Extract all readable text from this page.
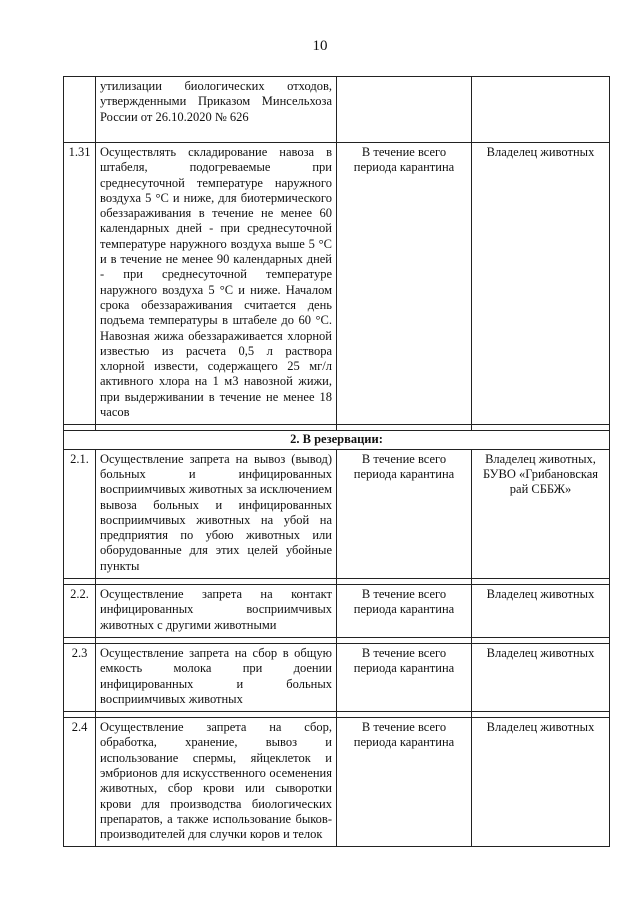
10
	утилизации биологических отходов, утвержденными Приказом Минсельхоза России от 26.10.2020 № 626		
1.31	Осуществлять складирование навоза в штабеля, подогреваемые при среднесуточной температуре наружного воздуха 5 °С и ниже, для биотермического обеззараживания в течение не менее 60 календарных дней - при среднесуточной температуре наружного воздуха выше 5 °С и в течение не менее 90 календарных дней - при среднесуточной температуре наружного воздуха 5 °С и ниже. Началом срока обеззараживания считается день подъема температуры в штабеле до 60 °С. Навозная жижа обеззараживается хлорной известью из расчета 0,5 л раствора хлорной извести, содержащего 25 мг/л активного хлора на 1 м3 навозной жижи, при выдерживании в течение не менее 18 часов	В течение всего периода карантина	Владелец животных

2. В резервации:			
2.1.	Осуществление запрета на вывоз (вывод) больных и инфицированных восприимчивых животных за исключением вывоза больных и инфицированных восприимчивых животных на убой на предприятия по убою животных или оборудованные для этих целей убойные пункты	В течение всего периода карантина	Владелец животных, БУВО «Грибановская рай СББЖ»

2.2.	Осуществление запрета на контакт инфицированных восприимчивых животных с другими животными	В течение всего периода карантина	Владелец животных

2.3	Осуществление запрета на сбор в общую емкость молока при доении инфицированных и больных восприимчивых животных	В течение всего периода карантина	Владелец животных

2.4	Осуществление запрета на сбор, обработка, хранение, вывоз и использование спермы, яйцеклеток и эмбрионов для искусственного осеменения животных, сбор крови или сыворотки крови для производства биологических препаратов, а также использование быков-производителей для случки коров и телок	В течение всего периода карантина	Владелец животных
